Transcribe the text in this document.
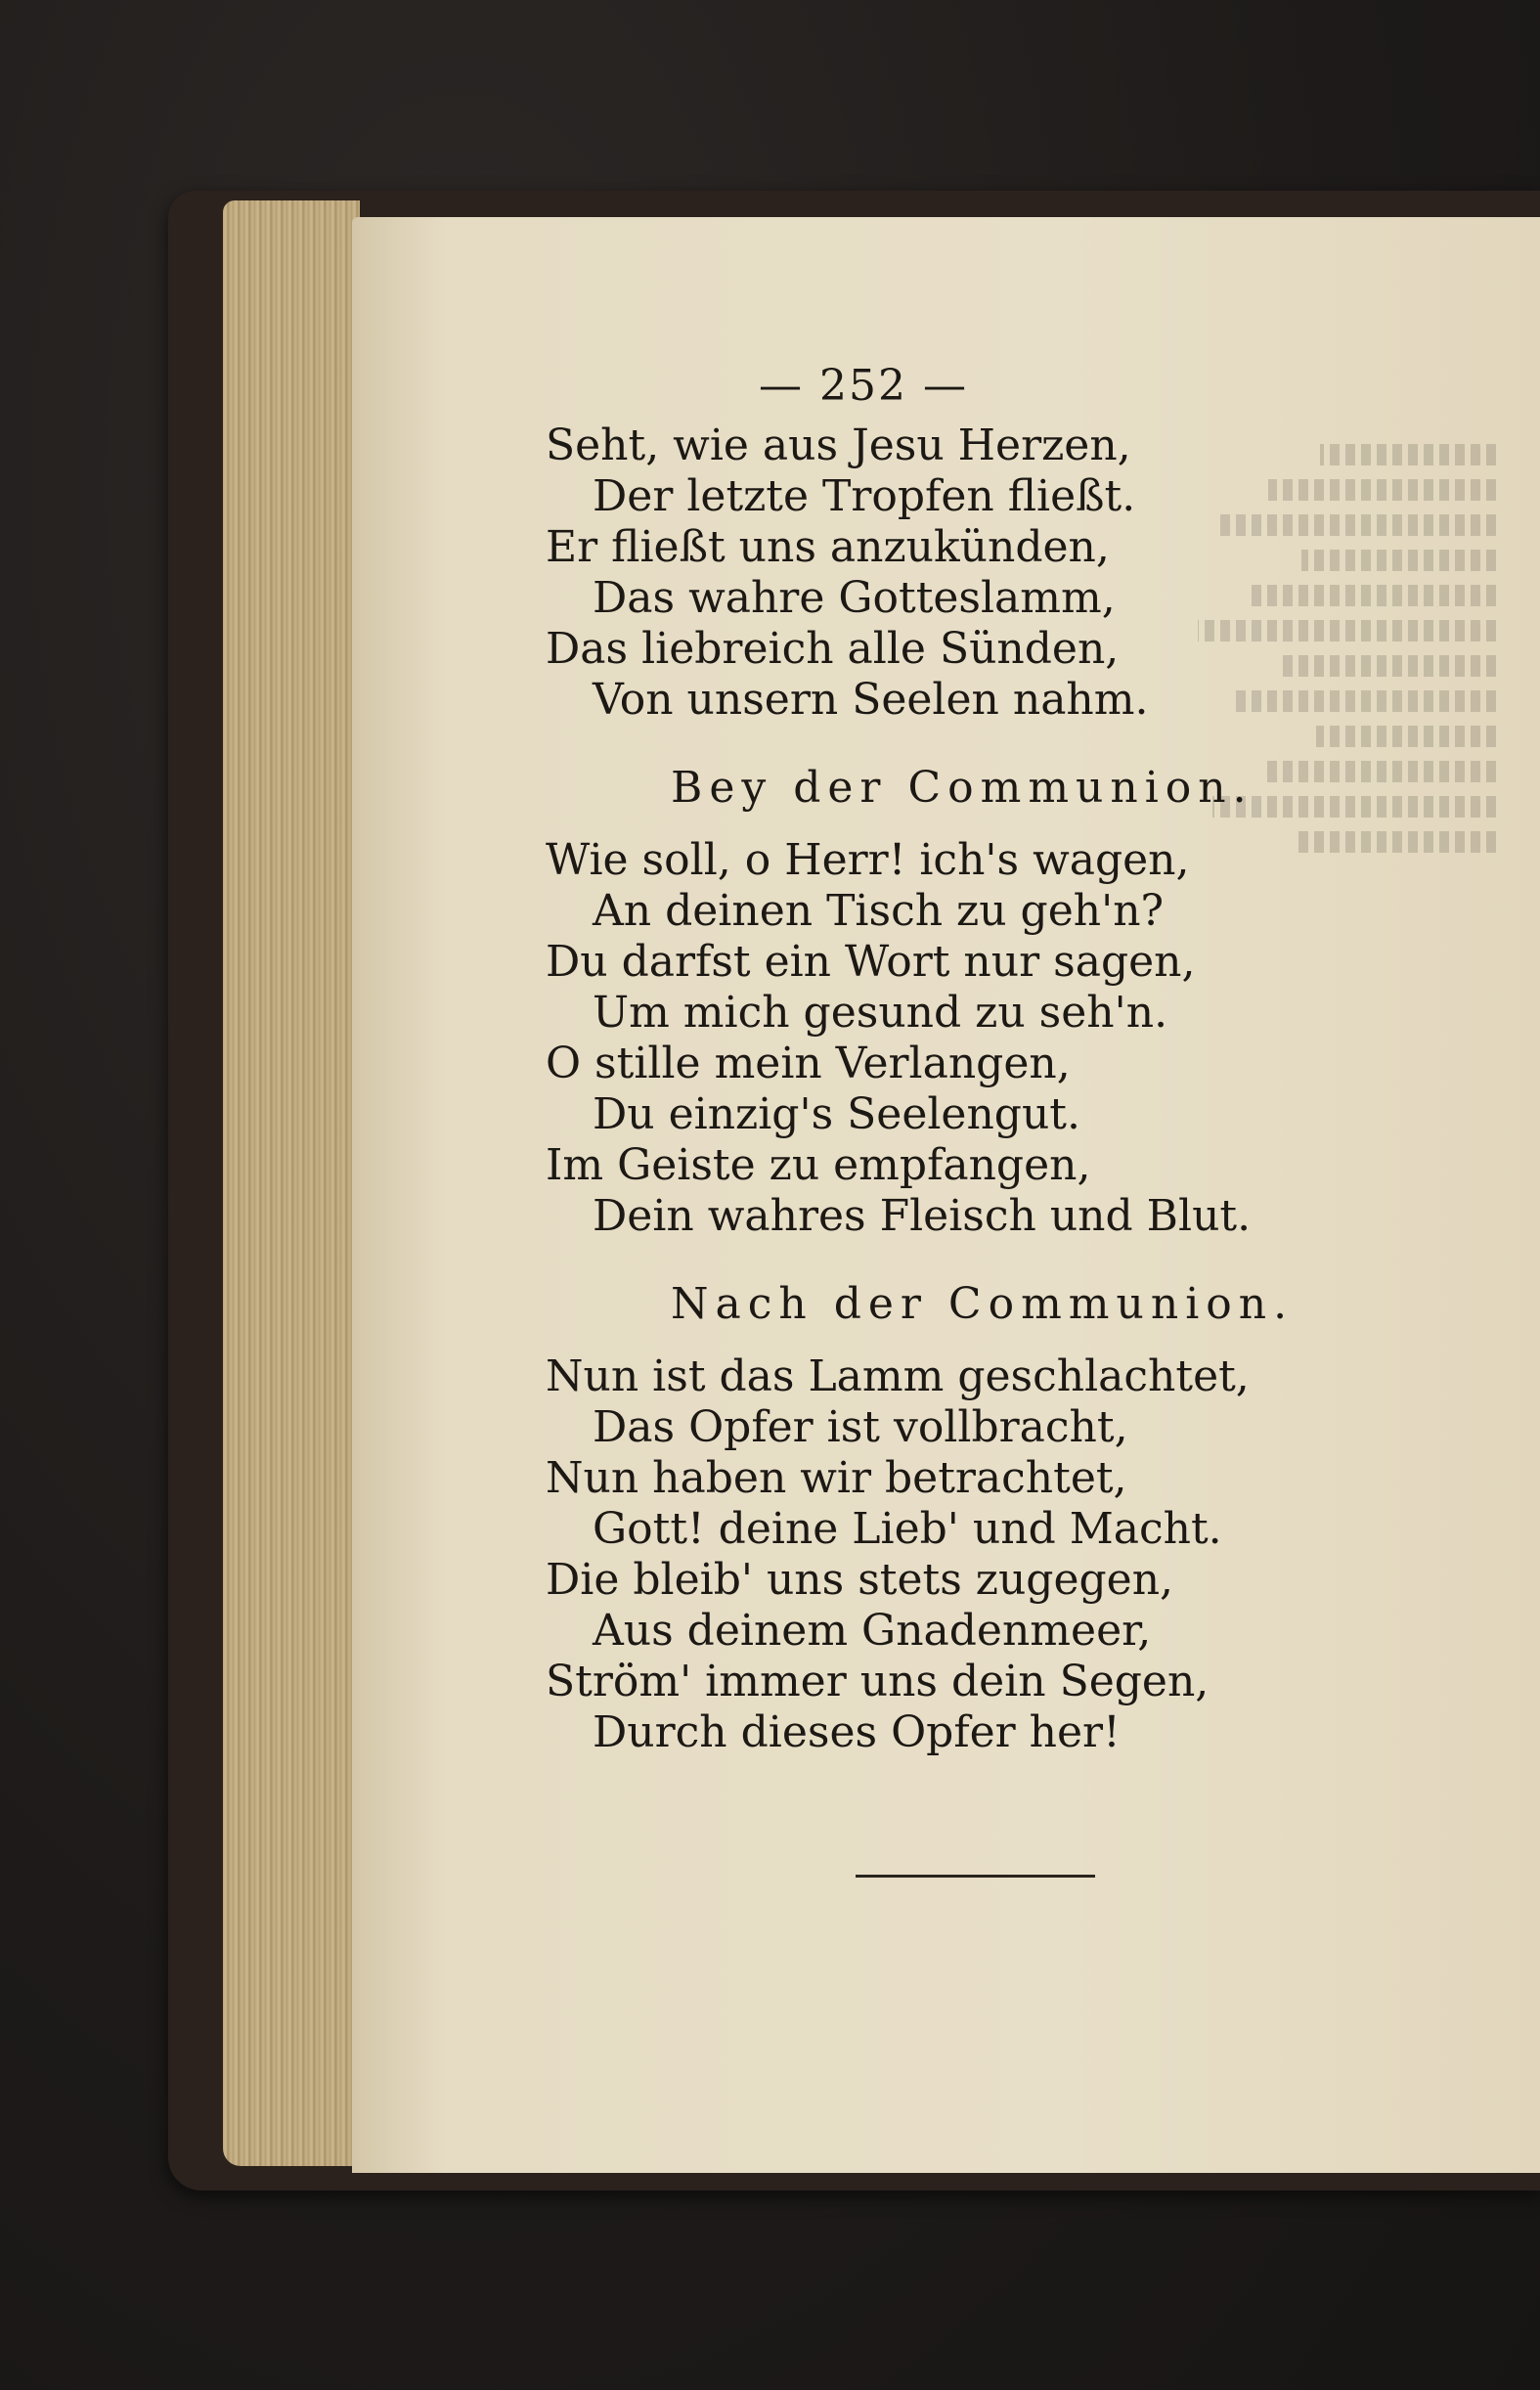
— 252 —
Seht, wie aus Jesu Herzen,
Der letzte Tropfen fließt.
Er fließt uns anzukünden,
Das wahre Gotteslamm,
Das liebreich alle Sünden,
Von unsern Seelen nahm.
Bey der Communion.
Wie soll, o Herr! ich's wagen,
An deinen Tisch zu geh'n?
Du darfst ein Wort nur sagen,
Um mich gesund zu seh'n.
O stille mein Verlangen,
Du einzig's Seelengut.
Im Geiste zu empfangen,
Dein wahres Fleisch und Blut.
Nach der Communion.
Nun ist das Lamm geschlachtet,
Das Opfer ist vollbracht,
Nun haben wir betrachtet,
Gott! deine Lieb' und Macht.
Die bleib' uns stets zugegen,
Aus deinem Gnadenmeer,
Ström' immer uns dein Segen,
Durch dieses Opfer her!
